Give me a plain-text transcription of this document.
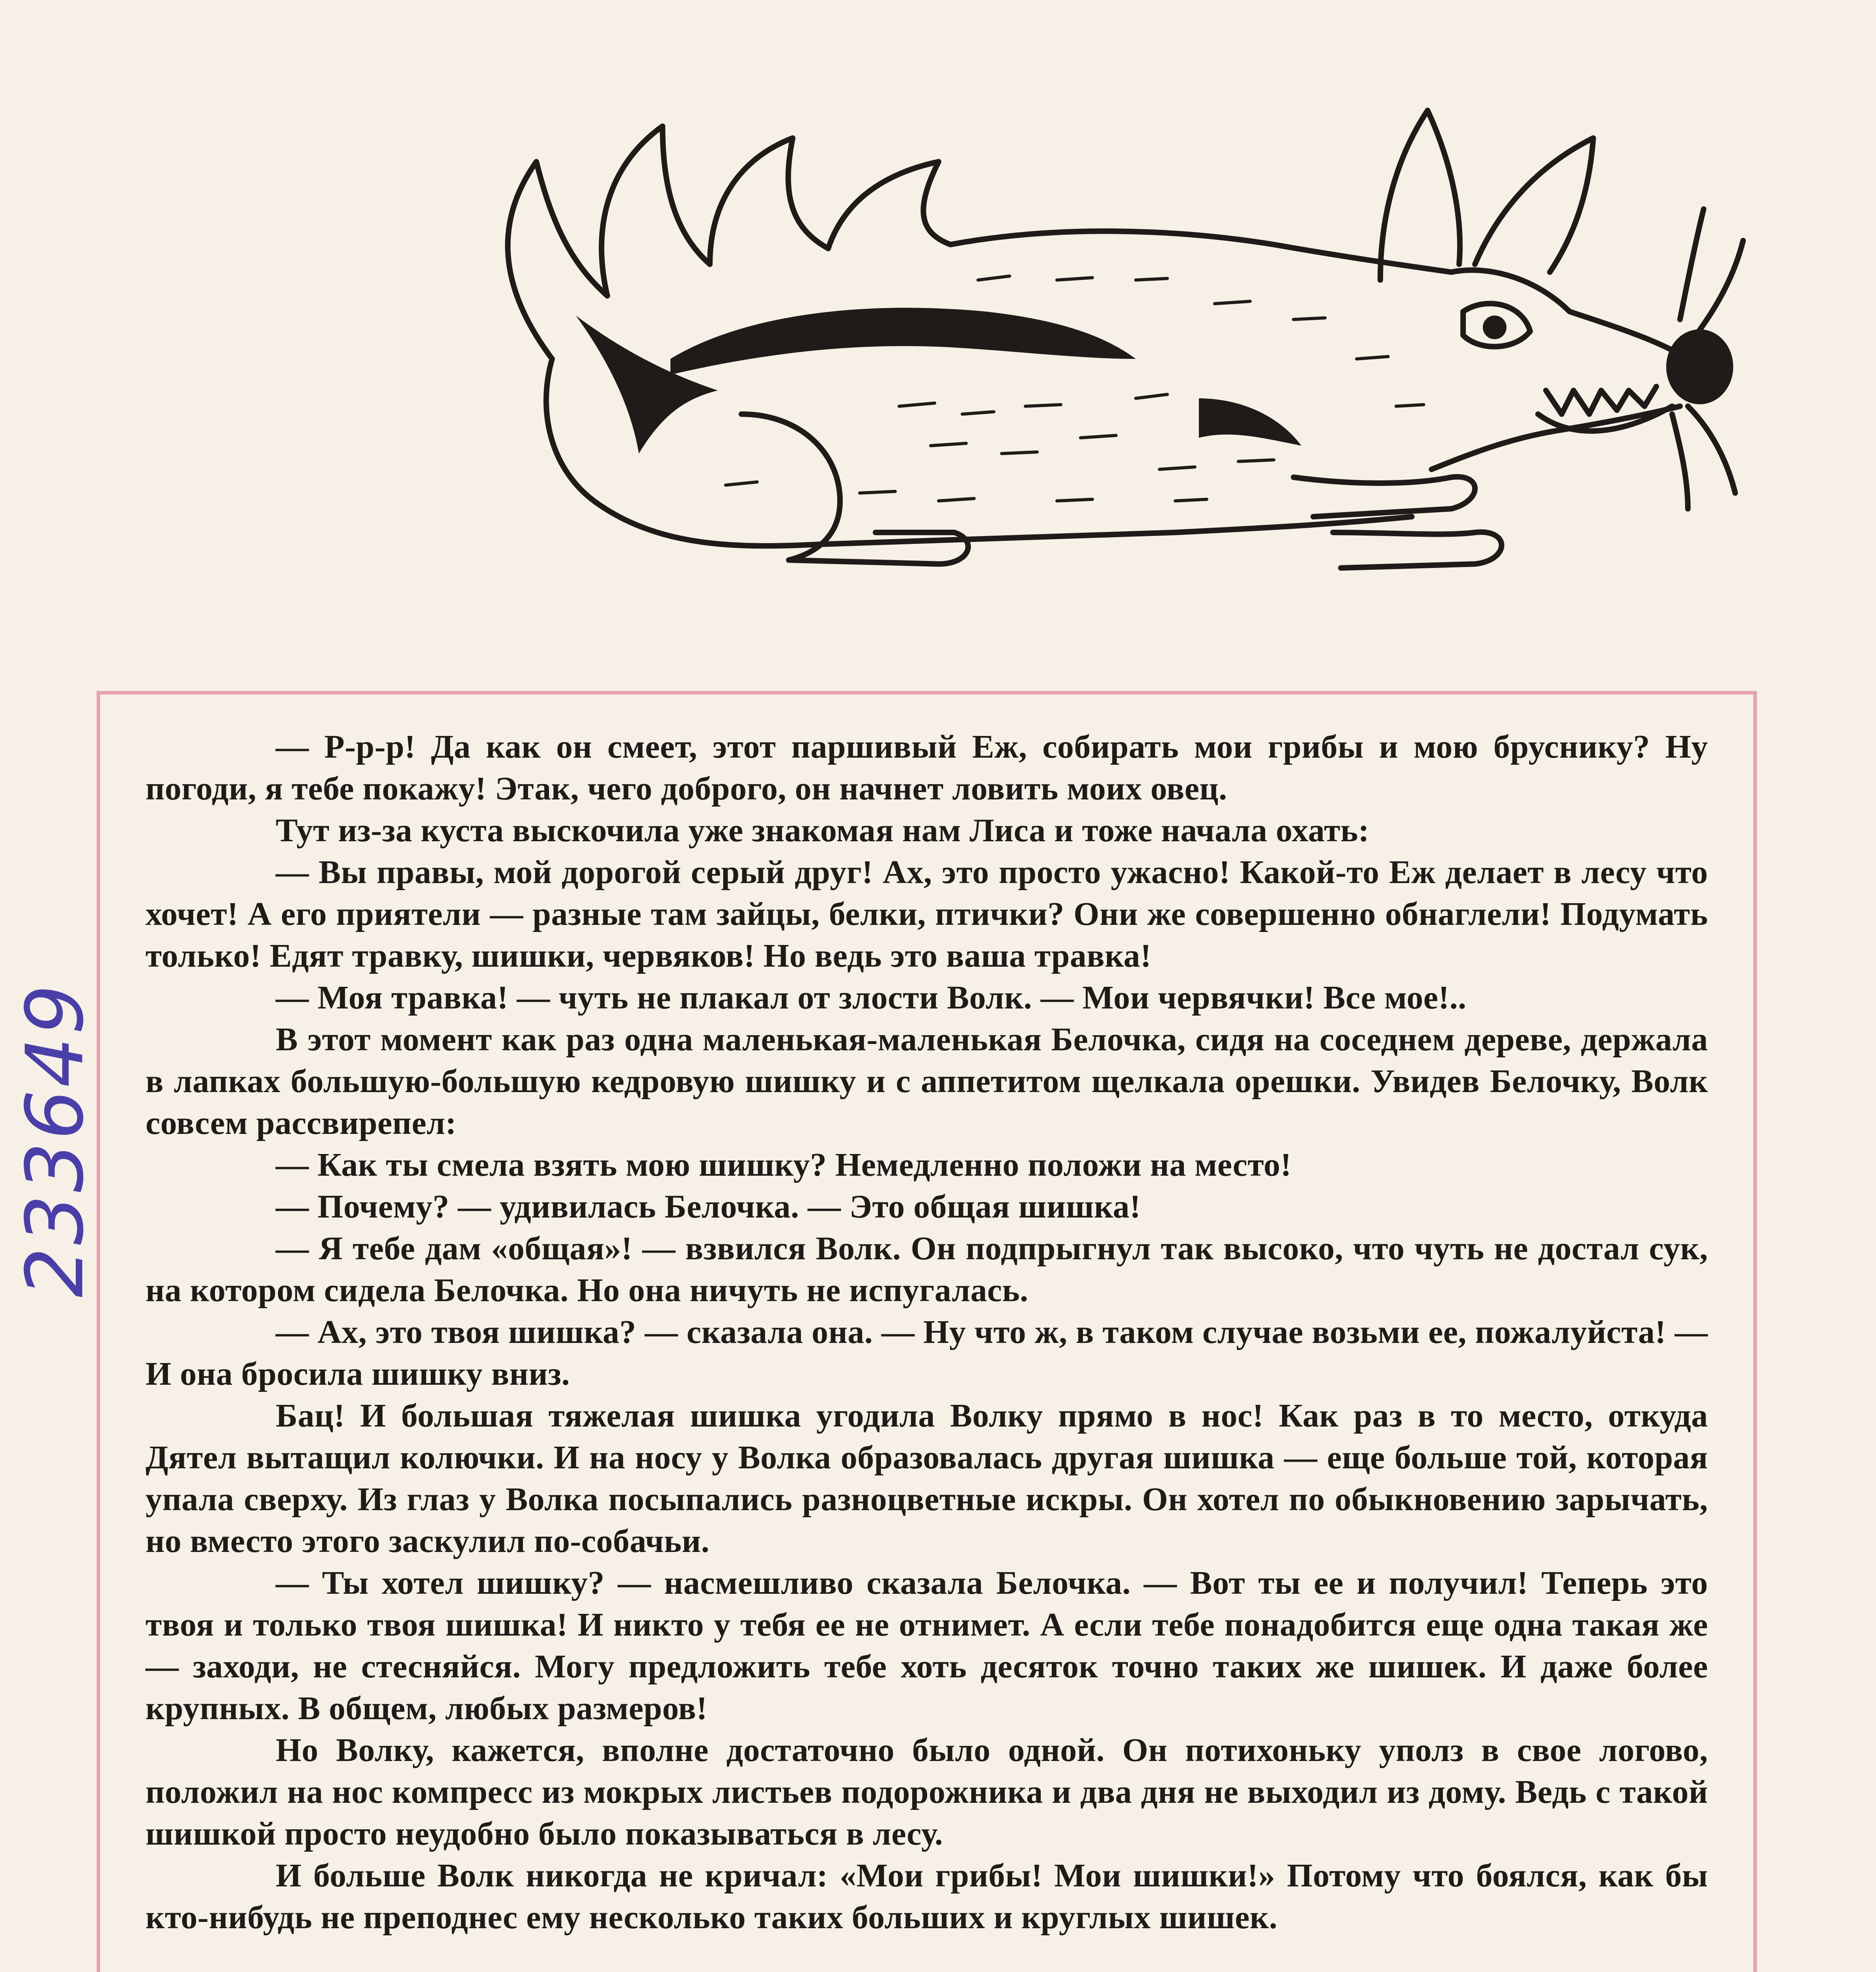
233649

— Р-р-р! Да как он смеет, этот паршивый Еж, собирать мои грибы и мою бруснику? Ну погоди, я тебе покажу! Этак, чего доброго, он начнет ловить моих овец.

Тут из-за куста выскочила уже знакомая нам Лиса и тоже начала охать:

— Вы правы, мой дорогой серый друг! Ах, это просто ужасно! Какой-то Еж делает в лесу что хочет! А его приятели — разные там зайцы, белки, птички? Они же совершенно обнаглели! Подумать только! Едят травку, шишки, червяков! Но ведь это ваша травка!

— Моя травка! — чуть не плакал от злости Волк. — Мои червячки! Все мое!..

В этот момент как раз одна маленькая-маленькая Белочка, сидя на соседнем дереве, держала в лапках большую-большую кедровую шишку и с аппетитом щелкала орешки. Увидев Белочку, Волк совсем рассвирепел:

— Как ты смела взять мою шишку? Немедленно положи на место!

— Почему? — удивилась Белочка. — Это общая шишка!

— Я тебе дам «общая»! — взвился Волк. Он подпрыгнул так высоко, что чуть не достал сук, на котором сидела Белочка. Но она ничуть не испугалась.

— Ах, это твоя шишка? — сказала она. — Ну что ж, в таком случае возьми ее, пожалуйста! — И она бросила шишку вниз.

Бац! И большая тяжелая шишка угодила Волку прямо в нос! Как раз в то место, откуда Дятел вытащил колючки. И на носу у Волка образовалась другая шишка — еще больше той, которая упала сверху. Из глаз у Волка посыпались разноцветные искры. Он хотел по обыкновению зарычать, но вместо этого заскулил по-собачьи.

— Ты хотел шишку? — насмешливо сказала Белочка. — Вот ты ее и получил! Теперь это твоя и только твоя шишка! И никто у тебя ее не отнимет. А если тебе понадобится еще одна такая же — заходи, не стесняйся. Могу предложить тебе хоть десяток точно таких же шишек. И даже более крупных. В общем, любых размеров!

Но Волку, кажется, вполне достаточно было одной. Он потихоньку уполз в свое логово, положил на нос компресс из мокрых листьев подорожника и два дня не выходил из дому. Ведь с такой шишкой просто неудобно было показываться в лесу.

И больше Волк никогда не кричал: «Мои грибы! Мои шишки!» Потому что боялся, как бы кто-нибудь не преподнес ему несколько таких больших и круглых шишек.
